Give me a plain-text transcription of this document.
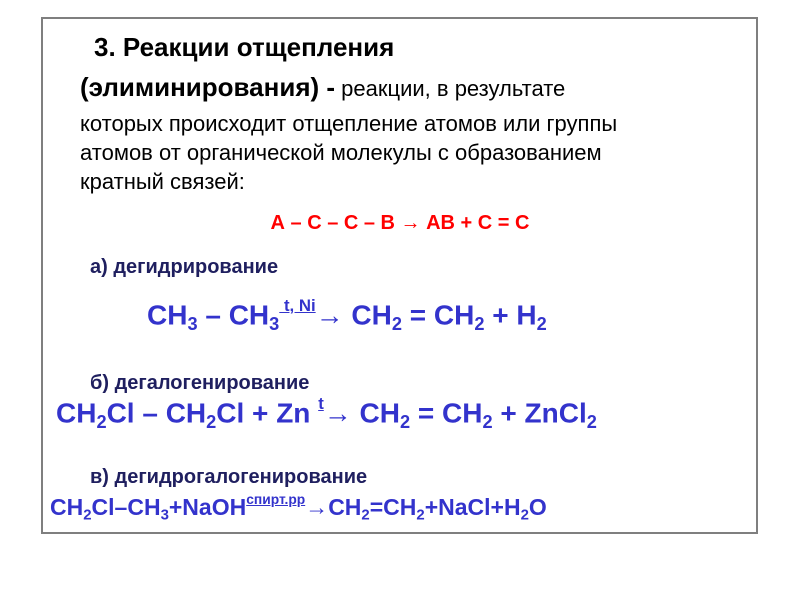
3. Реакции отщепления
(элиминирования) - реакции, в результате
которых происходит отщепление атомов или группы
атомов от органической молекулы с образованием
кратный связей:
А – С – С – В → АВ + С = С
а) дегидрирование
$CH_3 - CH_3$ $^{t, Ni}\to CH_2 = CH_2 + H_2$
б) дегалогенирование
$CH_2Cl - CH_2Cl + Zn$ $^t\to CH_2 = CH_2$ + ZnCl$_2$
в) дегидрогалогенирование
$CH_2Cl-CH_3+NaOH^{спирт.рр}\to CH_2=CH_2+NaCl+H_2O$
